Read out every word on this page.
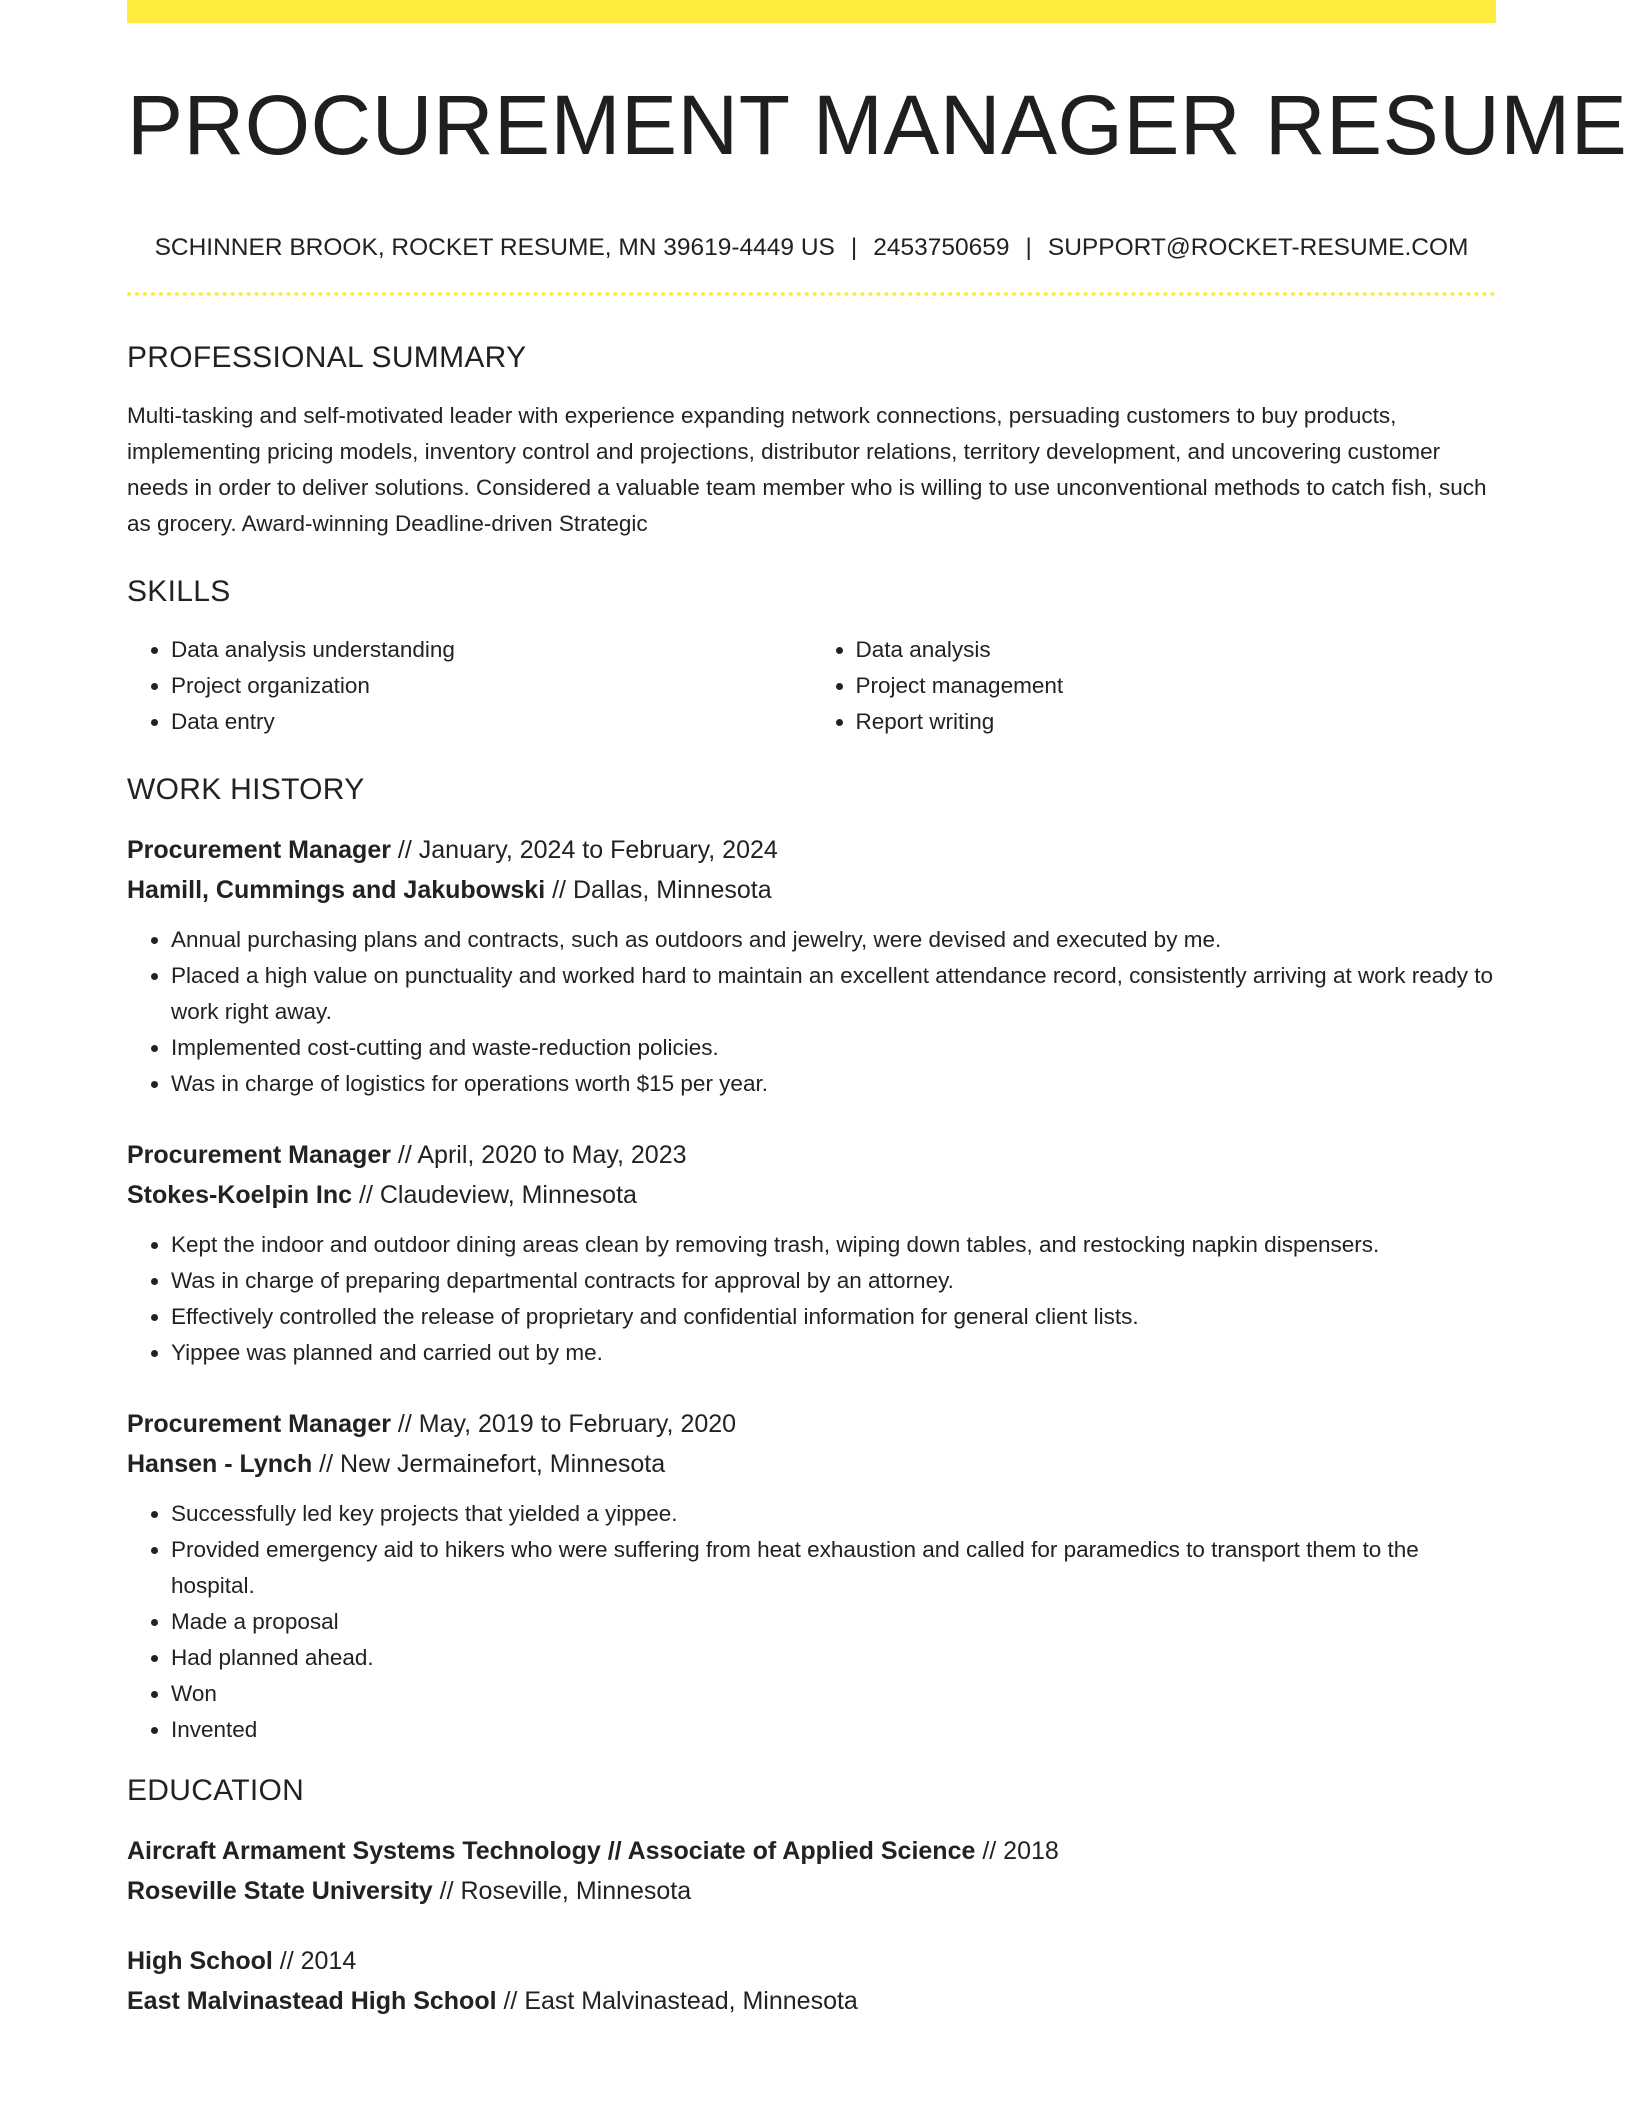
PROCUREMENT MANAGER RESUME
SCHINNER BROOK, ROCKET RESUME, MN 39619-4449 US | 2453750659 | SUPPORT@ROCKET-RESUME.COM
PROFESSIONAL SUMMARY

Multi-tasking and self-motivated leader with experience expanding network connections, persuading customers to buy products, implementing pricing models, inventory control and projections, distributor relations, territory development, and uncovering customer needs in order to deliver solutions. Considered a valuable team member who is willing to use unconventional methods to catch fish, such as grocery. Award-winning Deadline-driven Strategic

SKILLS
• Data analysis understanding
• Project organization
• Data entry
• Data analysis
• Project management
• Report writing
WORK HISTORY
Procurement Manager // January, 2024 to February, 2024
Hamill, Cummings and Jakubowski // Dallas, Minnesota
• Annual purchasing plans and contracts, such as outdoors and jewelry, were devised and executed by me.
• Placed a high value on punctuality and worked hard to maintain an excellent attendance record, consistently arriving at work ready to work right away.
• Implemented cost-cutting and waste-reduction policies.
• Was in charge of logistics for operations worth $15 per year.
Procurement Manager // April, 2020 to May, 2023
Stokes-Koelpin Inc // Claudeview, Minnesota
• Kept the indoor and outdoor dining areas clean by removing trash, wiping down tables, and restocking napkin dispensers.
• Was in charge of preparing departmental contracts for approval by an attorney.
• Effectively controlled the release of proprietary and confidential information for general client lists.
• Yippee was planned and carried out by me.
Procurement Manager // May, 2019 to February, 2020
Hansen - Lynch // New Jermainefort, Minnesota
• Successfully led key projects that yielded a yippee.
• Provided emergency aid to hikers who were suffering from heat exhaustion and called for paramedics to transport them to the hospital.
• Made a proposal
• Had planned ahead.
• Won
• Invented
EDUCATION
Aircraft Armament Systems Technology // Associate of Applied Science // 2018
Roseville State University // Roseville, Minnesota
High School // 2014
East Malvinastead High School // East Malvinastead, Minnesota
